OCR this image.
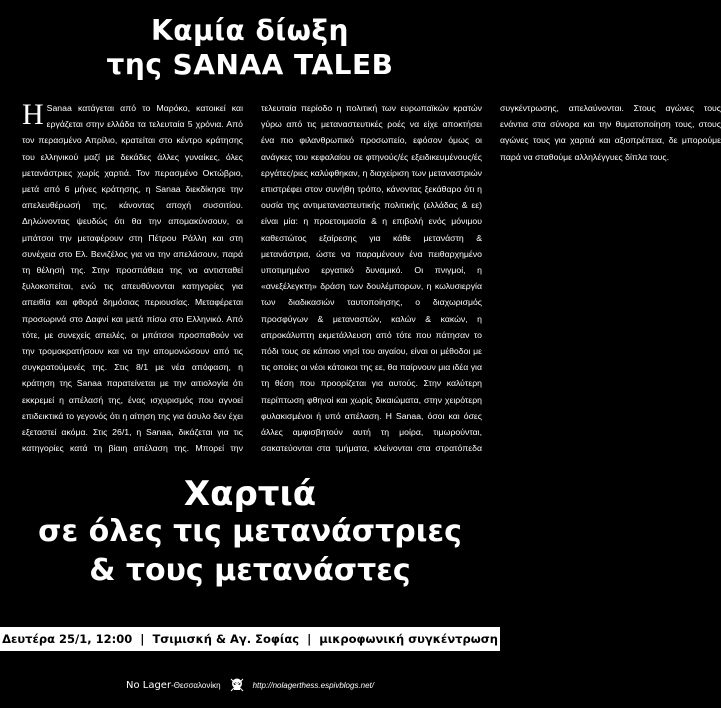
Καμία δίωξη
της SANAA TALEB

Η Sanaa κατάγεται από το Μαρόκο, κατοικεί και εργάζεται στην ελλάδα τα τελευταία 5 χρόνια. Από τον περασμένο Απρίλιο, κρατείται στο κέντρο κράτησης του ελληνικού μαζί με δεκάδες άλλες γυναίκες, όλες μετανάστριες χωρίς χαρτιά. Τον περασμένο Οκτώβριο, μετά από 6 μήνες κράτησης, η Sanaa διεκδίκησε την απελευθέρωσή της, κάνοντας αποχή συσσιτίου. Δηλώνοντας ψευδώς ότι θα την απομακύνσουν, οι μπάτσοι την μεταφέρουν στη Πέτρου Ράλλη και στη συνέχεια στο Ελ. Βενιζέλος για να την απελάσουν, παρά τη θέλησή της. Στην προσπάθεια της να αντισταθεί ξυλοκοπείται, ενώ τις απευθύνονται κατηγορίες για απειθία και φθορά δημόσιας περιουσίας. Μεταφέρεται προσωρινά στο Δαφνί και μετά πίσω στο Ελληνικό. Από τότε, με συνεχείς απειλές, οι μπάτσοι προσπαθούν να την τρομοκρατήσουν και να την απομονώσουν από τις συγκρατούμενές της. Στις 8/1 με νέα απόφαση, η κράτηση της Sanaa παρατείνεται με την αιτιολογία ότι εκκρεμεί η απέλασή της, ένας ισχυρισμός που αγνοεί επιδεικτικά το γεγονός ότι η αίτηση της για άσυλο δεν έχει εξεταστεί ακόμα. Στις 26/1, η Sanaa, δικάζεται για τις κατηγορίες κατά τη βίαιη απέλαση της. Μπορεί την τελευταία περίοδο η πολιτική των ευρωπαϊκών κρατών γύρω από τις μεταναστευτικές ροές να είχε αποκτήσει ένα πιο φιλανθρωπικό προσωπείο, εφόσον όμως οι ανάγκες του κεφαλαίου σε φτηνούς/ές εξειδικευμένους/ές εργάτες/ριες καλύφθηκαν, η διαχείριση των μεταναστριών επιστρέφει στον συνήθη τρόπο, κάνοντας ξεκάθαρο ότι η ουσία της αντιμεταναστευτικής πολιτικής (ελλάδας & εε) είναι μία: η προετοιμασία & η επιβολή ενός μόνιμου καθεστώτος εξαίρεσης για κάθε μετανάστη & μετανάστρια, ώστε να παραμένουν ένα πειθαρχημένο υποτιμημένο εργατικό δυναμικό. Οι πνιγμοί, η «ανεξέλεγκτη» δράση των δουλέμπορων, η κωλυσιεργία των διαδικασιών ταυτοποίησης, ο διαχωρισμός προσφύγων & μεταναστών, καλών & κακών, η απροκάλυπτη εκμετάλλευση από τότε που πάτησαν το πόδι τους σε κάποιο νησί του αιγαίου, είναι οι μέθοδοι με τις οποίες οι νέοι κάτοικοι της εε, θα παίρνουν μια ιδέα για τη θέση που προορίζεται για αυτούς. Στην καλύτερη περίπτωση φθηνοί και χωρίς δικαιώματα, στην χειρότερη φυλακισμένοι ή υπό απέλαση. Η Sanaa, όσοι και όσες άλλες αμφισβητούν αυτή τη μοίρα, τιμωρούνται, σακατεύονται στα τμήματα, κλείνονται στα στρατόπεδα συγκέντρωσης, απελαύνονται. Στους αγώνες τους ενάντια στα σύνορα και την θυματοποίηση τους, στους αγώνες τους για χαρτιά και αξιοπρέπεια, δε μπορούμε παρά να σταθούμε αλληλέγγυες δίπλα τους.

Χαρτιά
σε όλες τις μετανάστριες
& τους μετανάστες
Δευτέρα 25/1, 12:00 | Τσιμισκή & Αγ. Σοφίας | μικροφωνική συγκέντρωση
No Lager -Θεσσαλονίκη	http://nolagerthess.espivblogs.net/
